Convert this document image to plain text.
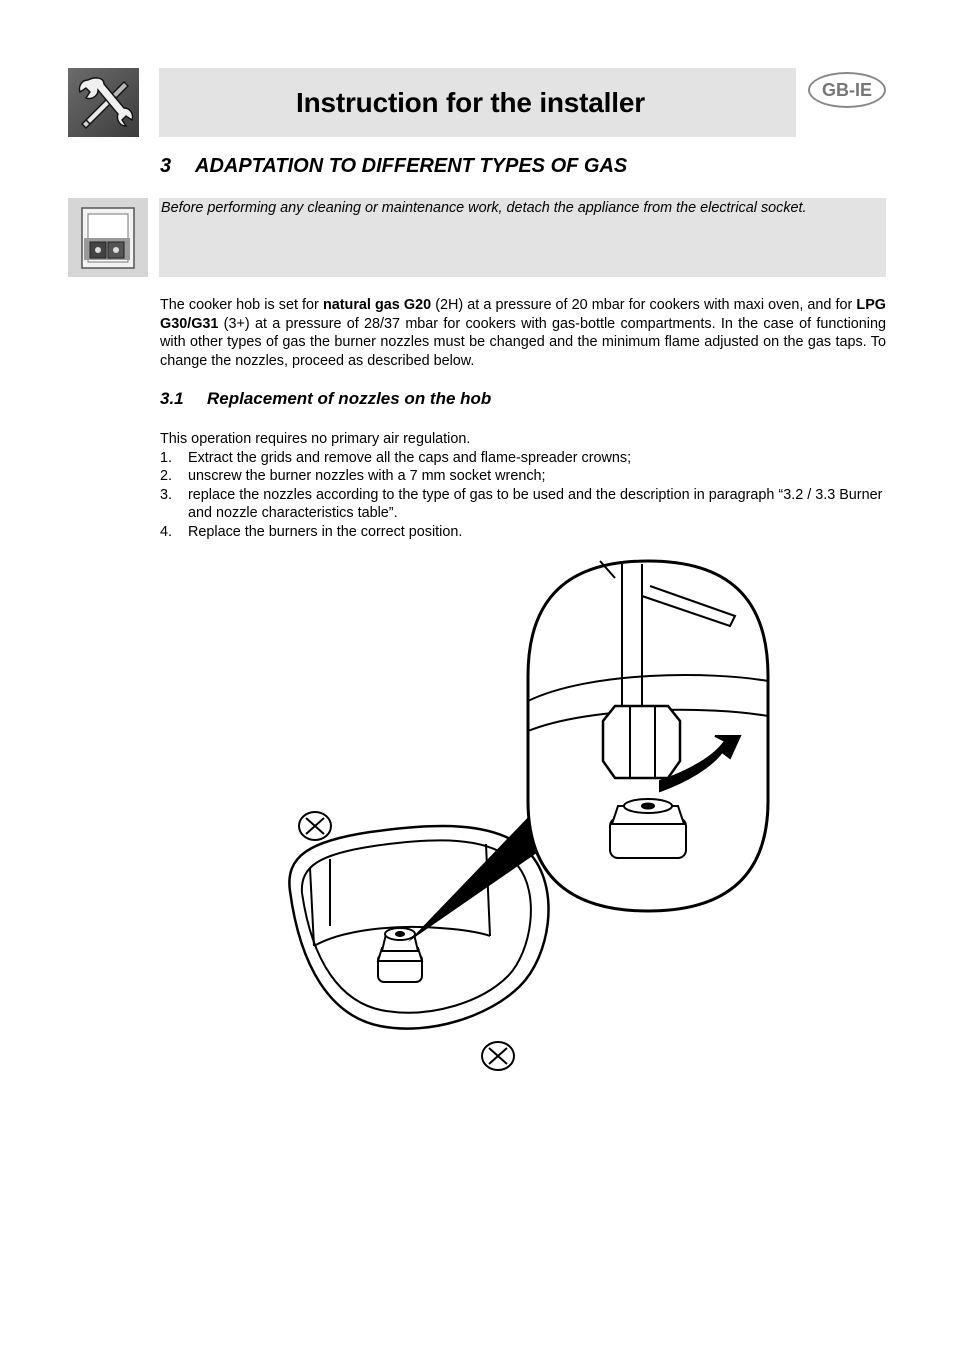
Instruction for the installer	GB-IE
3 ADAPTATION TO DIFFERENT TYPES OF GAS
Before performing any cleaning or maintenance work, detach the appliance from the electrical socket.

The cooker hob is set for natural gas G20 (2H) at a pressure of 20 mbar for cookers with maxi oven, and for LPG G30/G31 (3+) at a pressure of 28/37 mbar for cookers with gas-bottle compartments. In the case of functioning with other types of gas the burner nozzles must be changed and the minimum flame adjusted on the gas taps. To change the nozzles, proceed as described below.

3.1 Replacement of nozzles on the hob

This operation requires no primary air regulation.

1.	Extract the grids and remove all the caps and flame-spreader crowns;
2.	unscrew the burner nozzles with a 7 mm socket wrench;
3.	replace the nozzles according to the type of gas to be used and the description in paragraph “3.2 / 3.3 Burner and nozzle characteristics table”.
4.	Replace the burners in the correct position.
